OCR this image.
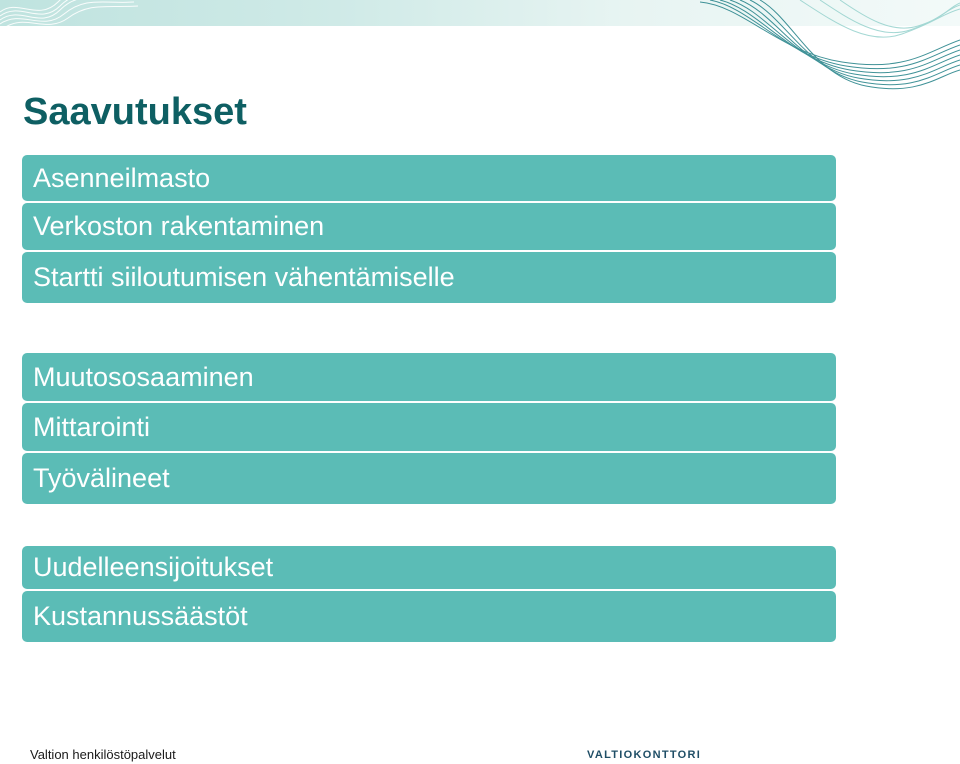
Saavutukset
Asenneilmasto
Verkoston rakentaminen
Startti siiloutumisen vähentämiselle
Muutososaaminen
Mittarointi
Työvälineet
Uudelleensijoitukset
Kustannussäästöt
Valtion henkilöstöpalvelut	VALTIOKONTTORI
